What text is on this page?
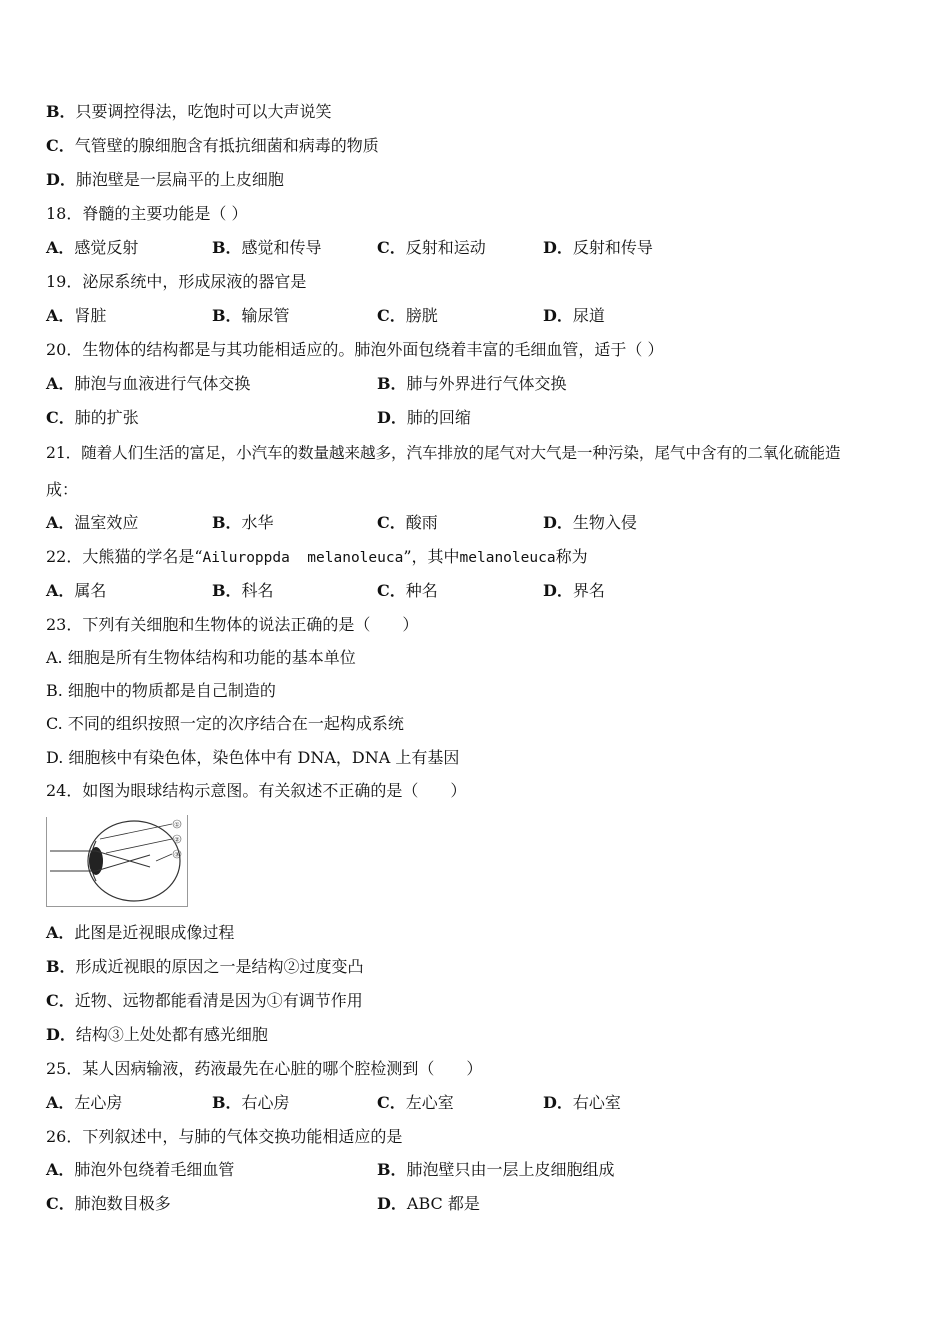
B．只要调控得法，吃饱时可以大声说笑
C．气管壁的腺细胞含有抵抗细菌和病毒的物质
D．肺泡壁是一层扁平的上皮细胞
18．脊髓的主要功能是（ ）
A．感觉反射	B．感觉和传导	C．反射和运动	D．反射和传导
19．泌尿系统中，形成尿液的器官是
A．肾脏	B．输尿管	C．膀胱	D．尿道
20．生物体的结构都是与其功能相适应的。肺泡外面包绕着丰富的毛细血管，适于（ ）
A．肺泡与血液进行气体交换	B．肺与外界进行气体交换
C．肺的扩张	D．肺的回缩
21．随着人们生活的富足，小汽车的数量越来越多，汽车排放的尾气对大气是一种污染，尾气中含有的二氧化硫能造
成：
A．温室效应	B．水华	C．酸雨	D．生物入侵
22．大熊猫的学名是“Ailuroppda  melanoleuca”，其中melanoleuca称为
A．属名	B．科名	C．种名	D．界名
23．下列有关细胞和生物体的说法正确的是（　　）
A. 细胞是所有生物体结构和功能的基本单位
B. 细胞中的物质都是自己制造的
C. 不同的组织按照一定的次序结合在一起构成系统
D. 细胞核中有染色体，染色体中有 DNA，DNA 上有基因
24．如图为眼球结构示意图。有关叙述不正确的是（　　）
①
②
③
A．此图是近视眼成像过程
B．形成近视眼的原因之一是结构②过度变凸
C．近物、远物都能看清是因为①有调节作用
D．结构③上处处都有感光细胞
25．某人因病输液，药液最先在心脏的哪个腔检测到（　　）
A．左心房	B．右心房	C．左心室	D．右心室
26．下列叙述中，与肺的气体交换功能相适应的是
A．肺泡外包绕着毛细血管	B．肺泡壁只由一层上皮细胞组成
C．肺泡数目极多	D．ABC 都是
